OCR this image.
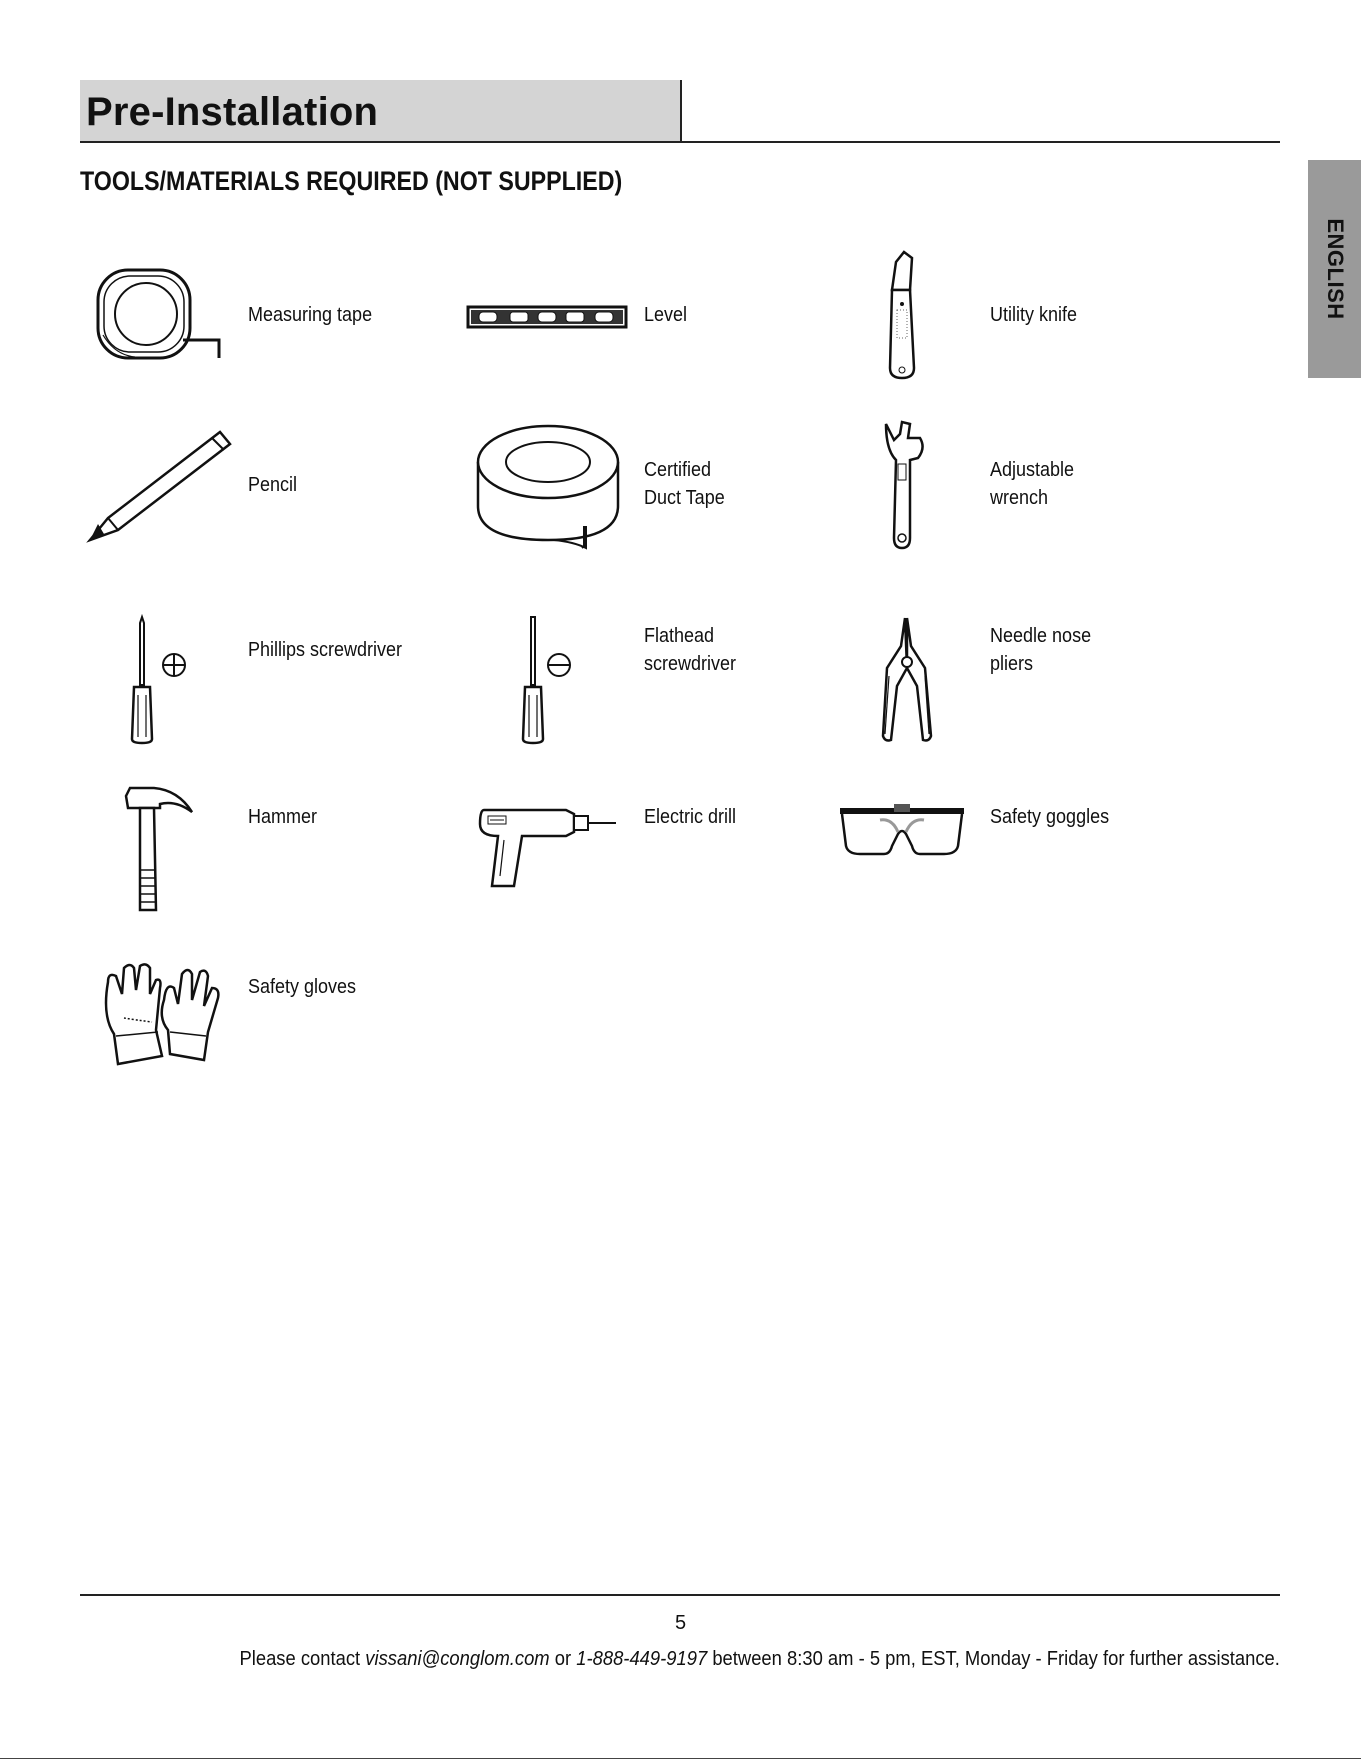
Pre-Installation
TOOLS/MATERIALS REQUIRED (NOT SUPPLIED)
ENGLISH
Measuring tape	Level	Utility knife
Pencil
Certified
Duct Tape
Adjustable
wrench
Phillips screwdriver
Flathead
screwdriver
Needle nose
pliers
Hammer	Electric drill	Safety goggles
Safety gloves
5
Please contact vissani@conglom.com or 1-888-449-9197 between 8:30 am - 5 pm, EST, Monday - Friday for further assistance.
